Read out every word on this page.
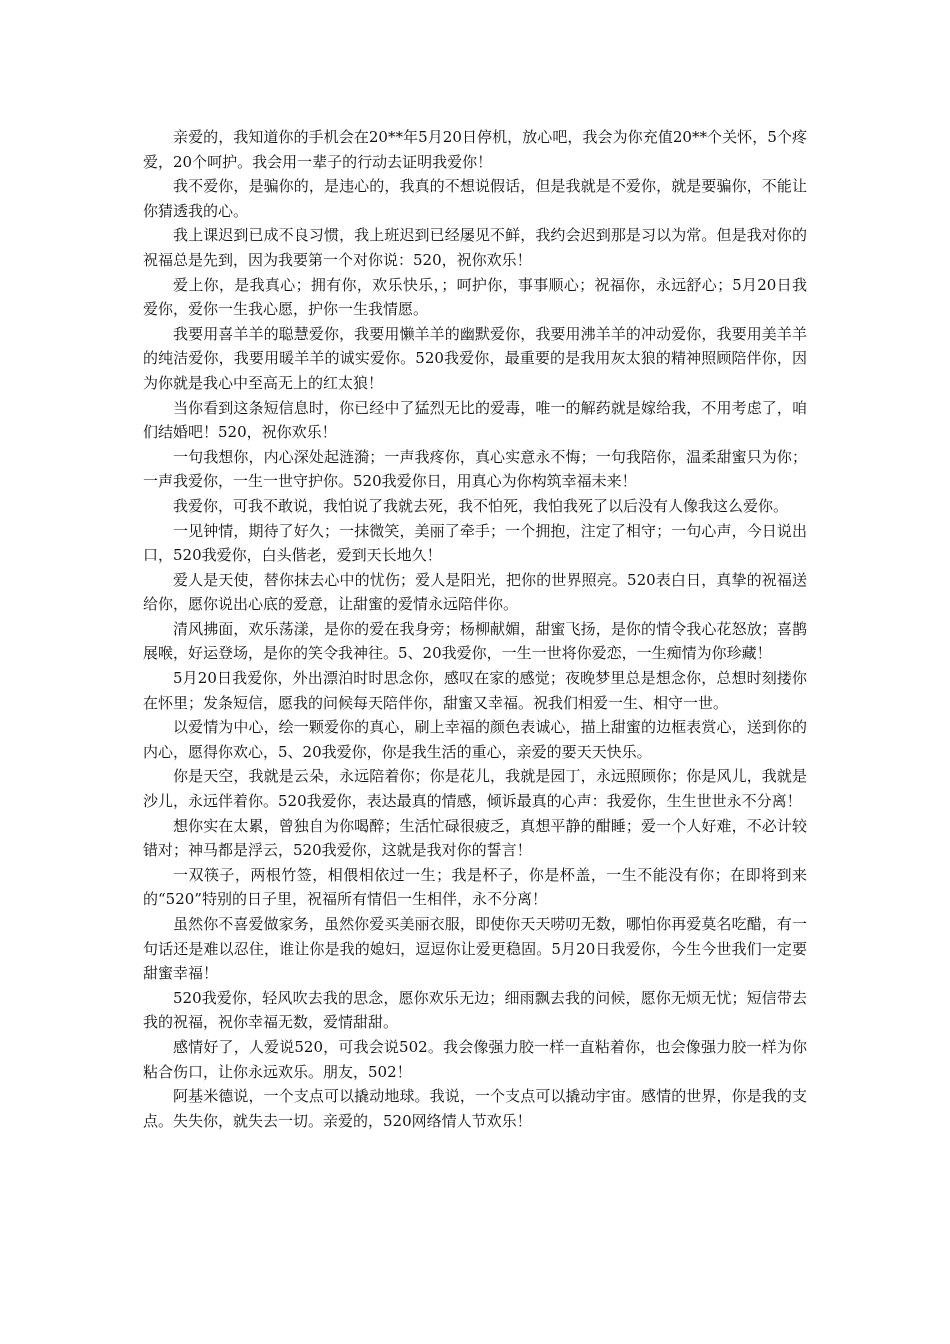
亲爱的，我知道你的手机会在20**年5月20日停机，放心吧，我会为你充值20**个关怀，5个疼爱，20个呵护。我会用一辈子的行动去证明我爱你！

我不爱你，是骗你的，是违心的，我真的不想说假话，但是我就是不爱你，就是要骗你，不能让你猜透我的心。

我上课迟到已成不良习惯，我上班迟到已经屡见不鲜，我约会迟到那是习以为常。但是我对你的祝福总是先到，因为我要第一个对你说：520，祝你欢乐！

爱上你，是我真心；拥有你，欢乐快乐，；呵护你，事事顺心；祝福你，永远舒心；5月20日我爱你，爱你一生我心愿，护你一生我情愿。

我要用喜羊羊的聪慧爱你，我要用懒羊羊的幽默爱你，我要用沸羊羊的冲动爱你，我要用美羊羊的纯洁爱你，我要用暖羊羊的诚实爱你。520我爱你，最重要的是我用灰太狼的精神照顾陪伴你，因为你就是我心中至高无上的红太狼！

当你看到这条短信息时，你已经中了猛烈无比的爱毒，唯一的解药就是嫁给我，不用考虑了，咱们结婚吧！520，祝你欢乐！

一句我想你，内心深处起涟漪；一声我疼你，真心实意永不悔；一句我陪你，温柔甜蜜只为你；一声我爱你，一生一世守护你。520我爱你日，用真心为你构筑幸福未来！

我爱你，可我不敢说，我怕说了我就去死，我不怕死，我怕我死了以后没有人像我这么爱你。

一见钟情，期待了好久；一抹微笑，美丽了牵手；一个拥抱，注定了相守；一句心声，今日说出口，520我爱你，白头偕老，爱到天长地久！

爱人是天使，替你抹去心中的忧伤；爱人是阳光，把你的世界照亮。520表白日，真挚的祝福送给你，愿你说出心底的爱意，让甜蜜的爱情永远陪伴你。

清风拂面，欢乐荡漾，是你的爱在我身旁；杨柳献媚，甜蜜飞扬，是你的情令我心花怒放；喜鹊展喉，好运登场，是你的笑令我神往。5、20我爱你，一生一世将你爱恋，一生痴情为你珍藏！

5月20日我爱你，外出漂泊时时思念你，感叹在家的感觉；夜晚梦里总是想念你，总想时刻搂你在怀里；发条短信，愿我的问候每天陪伴你，甜蜜又幸福。祝我们相爱一生、相守一世。

以爱情为中心，绘一颗爱你的真心，刷上幸福的颜色表诚心，描上甜蜜的边框表赏心，送到你的内心，愿得你欢心，5、20我爱你，你是我生活的重心，亲爱的要天天快乐。

你是天空，我就是云朵，永远陪着你；你是花儿，我就是园丁，永远照顾你；你是风儿，我就是沙儿，永远伴着你。520我爱你，表达最真的情感，倾诉最真的心声：我爱你，生生世世永不分离！

想你实在太累，曾独自为你喝醉；生活忙碌很疲乏，真想平静的酣睡；爱一个人好难，不必计较错对；神马都是浮云，520我爱你，这就是我对你的誓言！

一双筷子，两根竹签，相偎相依过一生；我是杯子，你是杯盖，一生不能没有你；在即将到来的“520”特别的日子里，祝福所有情侣一生相伴，永不分离！

虽然你不喜爱做家务，虽然你爱买美丽衣服，即使你天天唠叨无数，哪怕你再爱莫名吃醋，有一句话还是难以忍住，谁让你是我的媳妇，逗逗你让爱更稳固。5月20日我爱你，今生今世我们一定要甜蜜幸福！

520我爱你，轻风吹去我的思念，愿你欢乐无边；细雨飘去我的问候，愿你无烦无忧；短信带去我的祝福，祝你幸福无数，爱情甜甜。

感情好了，人爱说520，可我会说502。我会像强力胶一样一直粘着你，也会像强力胶一样为你粘合伤口，让你永远欢乐。朋友，502！

阿基米德说，一个支点可以撬动地球。我说，一个支点可以撬动宇宙。感情的世界，你是我的支点。失失你，就失去一切。亲爱的，520网络情人节欢乐！
